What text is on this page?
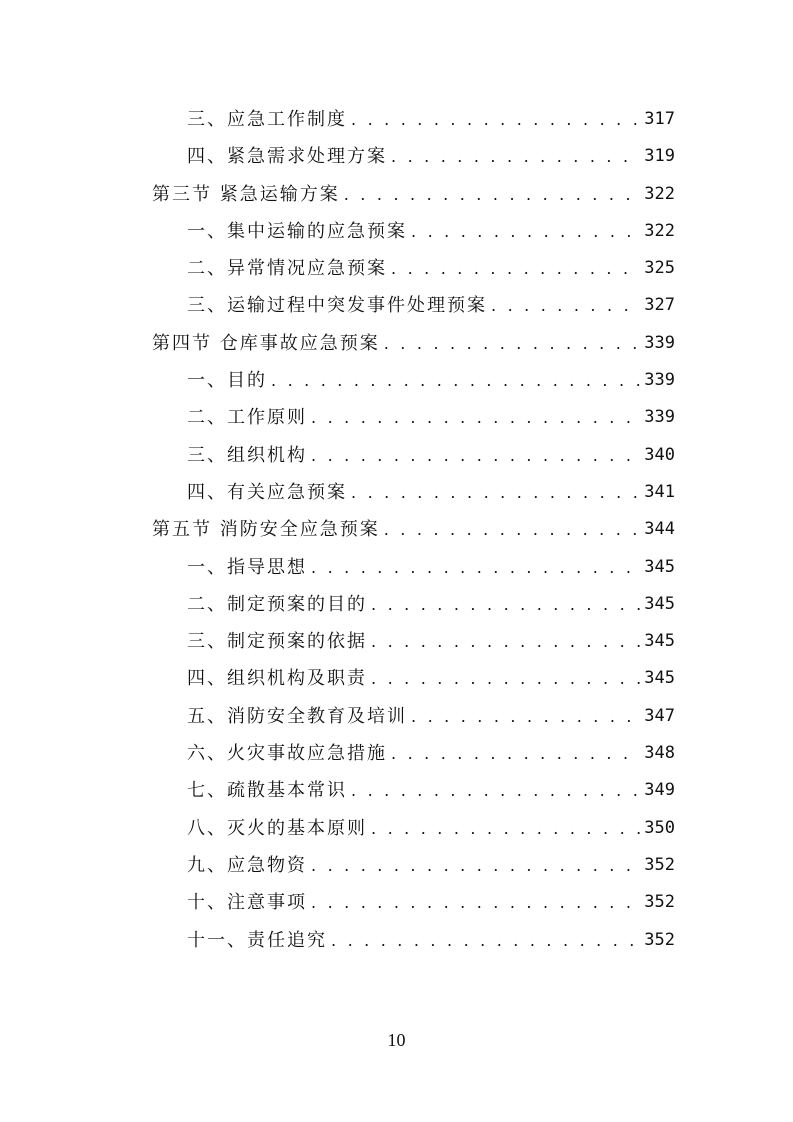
三、应急工作制度 . . .	317
四、紧急需求处理方案 . . .	319
第三节 紧急运输方案 . . .	322
一、集中运输的应急预案 . . .	322
二、异常情况应急预案 . . .	325
三、运输过程中突发事件处理预案 . . .	327
第四节 仓库事故应急预案 . . .	339
一、目的 . . .	339
二、工作原则 . . .	339
三、组织机构 . . .	340
四、有关应急预案 . . .	341
第五节 消防安全应急预案 . . .	344
一、指导思想 . . .	345
二、制定预案的目的 . . .	345
三、制定预案的依据 . . .	345
四、组织机构及职责 . . .	345
五、消防安全教育及培训 . . .	347
六、火灾事故应急措施 . . .	348
七、疏散基本常识 . . .	349
八、灭火的基本原则 . . .	350
九、应急物资 . . .	352
十、注意事项 . . .	352
十一、责任追究 . . .	352
10
